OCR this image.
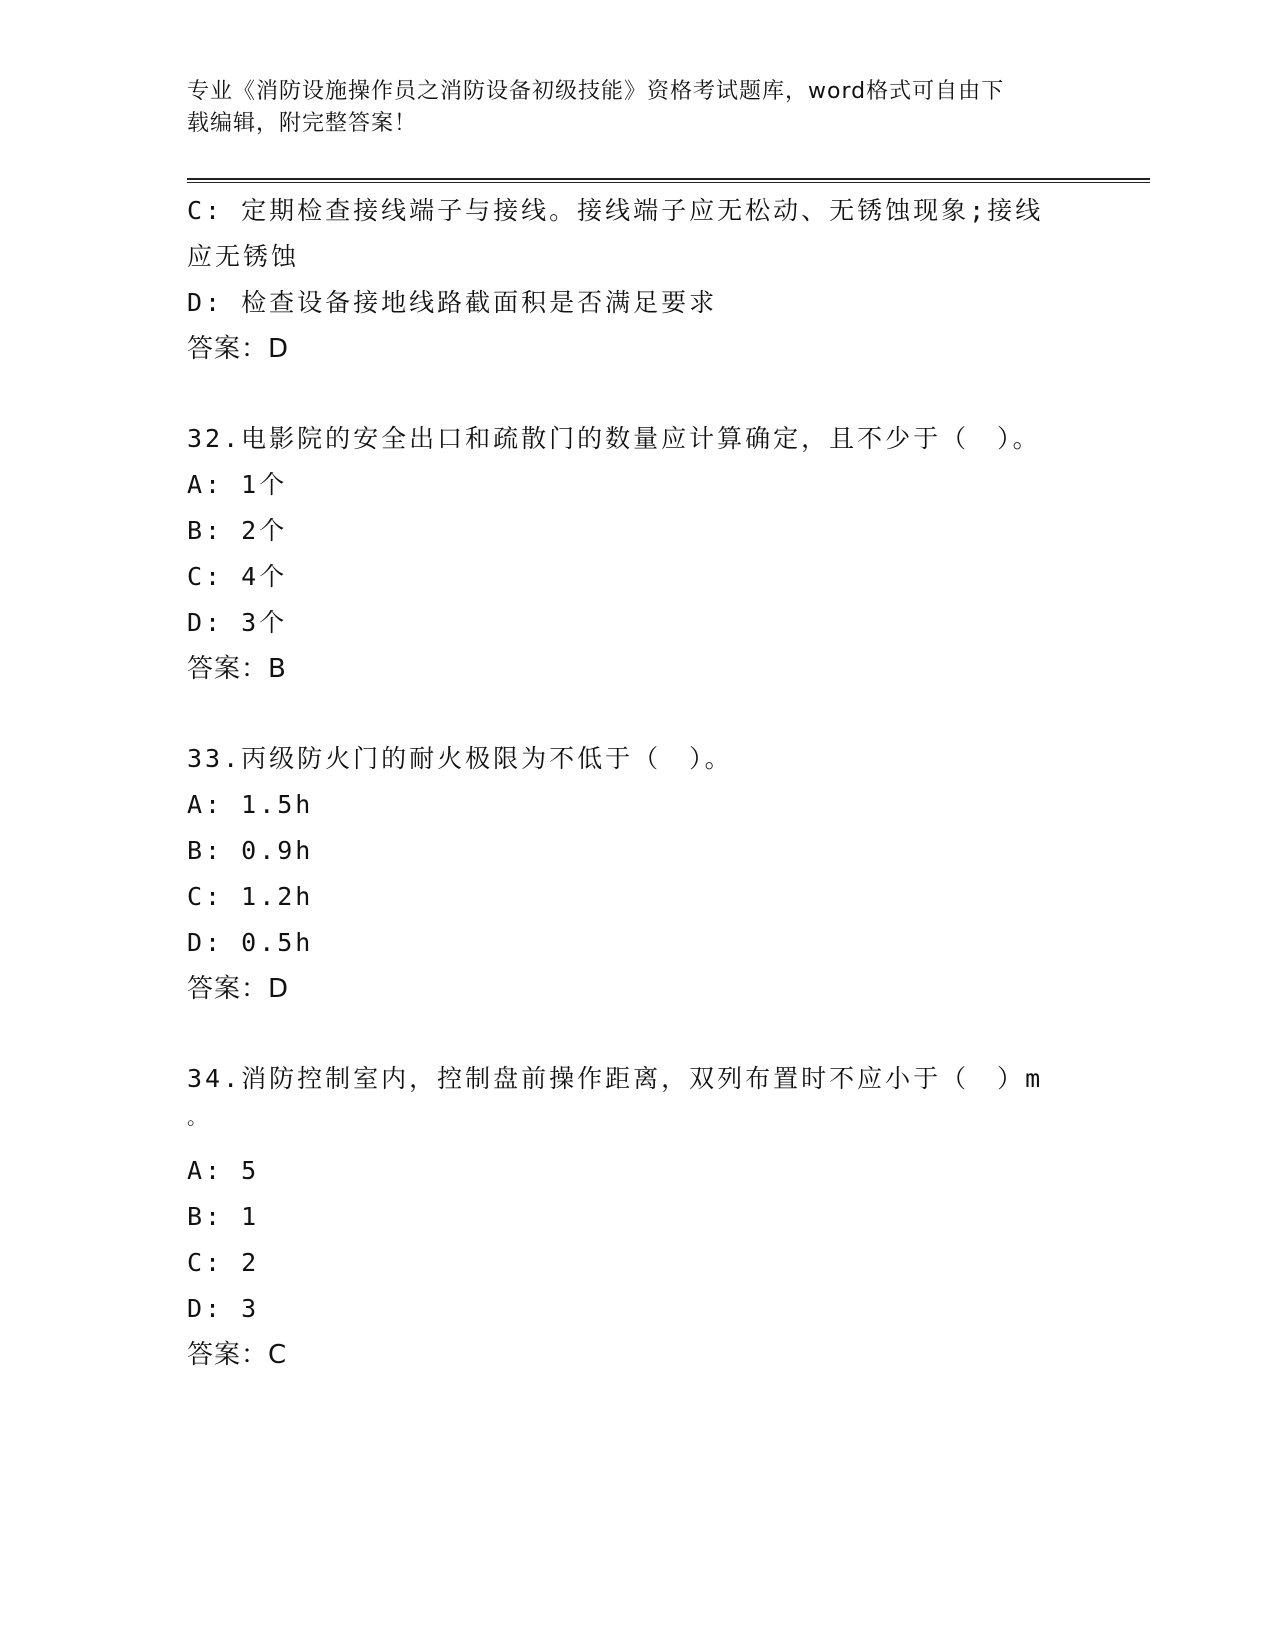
专业《消防设施操作员之消防设备初级技能》资格考试题库，word格式可自由下
载编辑，附完整答案！
C: 定期检查接线端子与接线。接线端子应无松动、无锈蚀现象;接线
应无锈蚀
D: 检查设备接地线路截面积是否满足要求
答案：D
32.电影院的安全出口和疏散门的数量应计算确定，且不少于（　）。
A: 1个
B: 2个
C: 4个
D: 3个
答案：B
33.丙级防火门的耐火极限为不低于（　）。
A: 1.5h
B: 0.9h
C: 1.2h
D: 0.5h
答案：D
34.消防控制室内，控制盘前操作距离，双列布置时不应小于（　）m
。
A: 5
B: 1
C: 2
D: 3
答案：C
